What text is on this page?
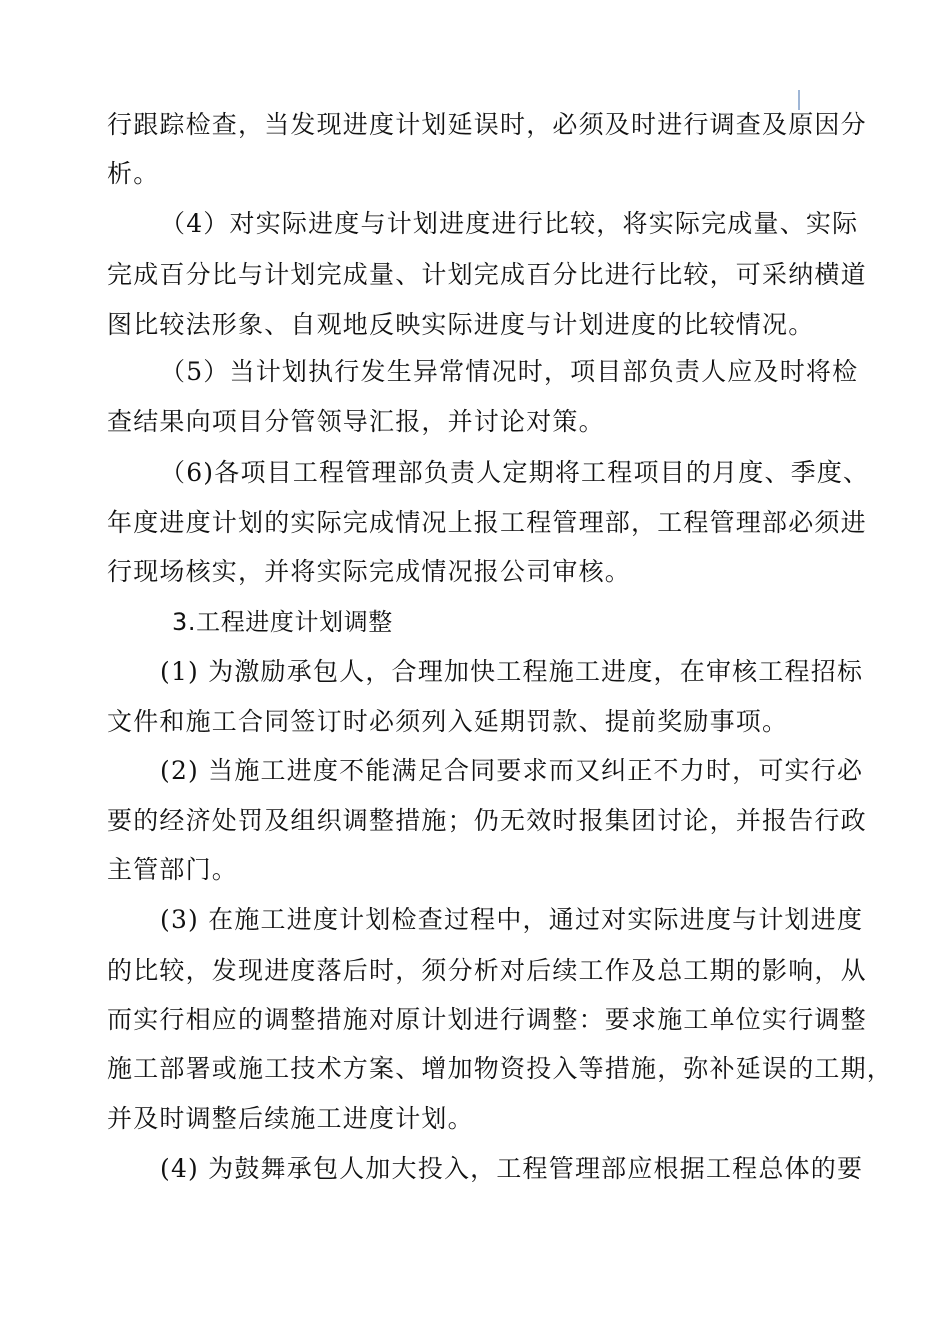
行跟踪检查，当发现进度计划延误时，必须及时进行调查及原因分
析。
（4）对实际进度与计划进度进行比较，将实际完成量、实际
完成百分比与计划完成量、计划完成百分比进行比较，可采纳横道
图比较法形象、自观地反映实际进度与计划进度的比较情况。
（5）当计划执行发生异常情况时，项目部负责人应及时将检
查结果向项目分管领导汇报，并讨论对策。
（6)各项目工程管理部负责人定期将工程项目的月度、季度、
年度进度计划的实际完成情况上报工程管理部，工程管理部必须进
行现场核实，并将实际完成情况报公司审核。
3.工程进度计划调整
(1) 为激励承包人，合理加快工程施工进度，在审核工程招标
文件和施工合同签订时必须列入延期罚款、提前奖励事项。
(2) 当施工进度不能满足合同要求而又纠正不力时，可实行必
要的经济处罚及组织调整措施；仍无效时报集团讨论，并报告行政
主管部门。
(3) 在施工进度计划检查过程中，通过对实际进度与计划进度
的比较，发现进度落后时，须分析对后续工作及总工期的影响，从
而实行相应的调整措施对原计划进行调整：要求施工单位实行调整
施工部署或施工技术方案、增加物资投入等措施，弥补延误的工期，
并及时调整后续施工进度计划。
(4) 为鼓舞承包人加大投入，工程管理部应根据工程总体的要
